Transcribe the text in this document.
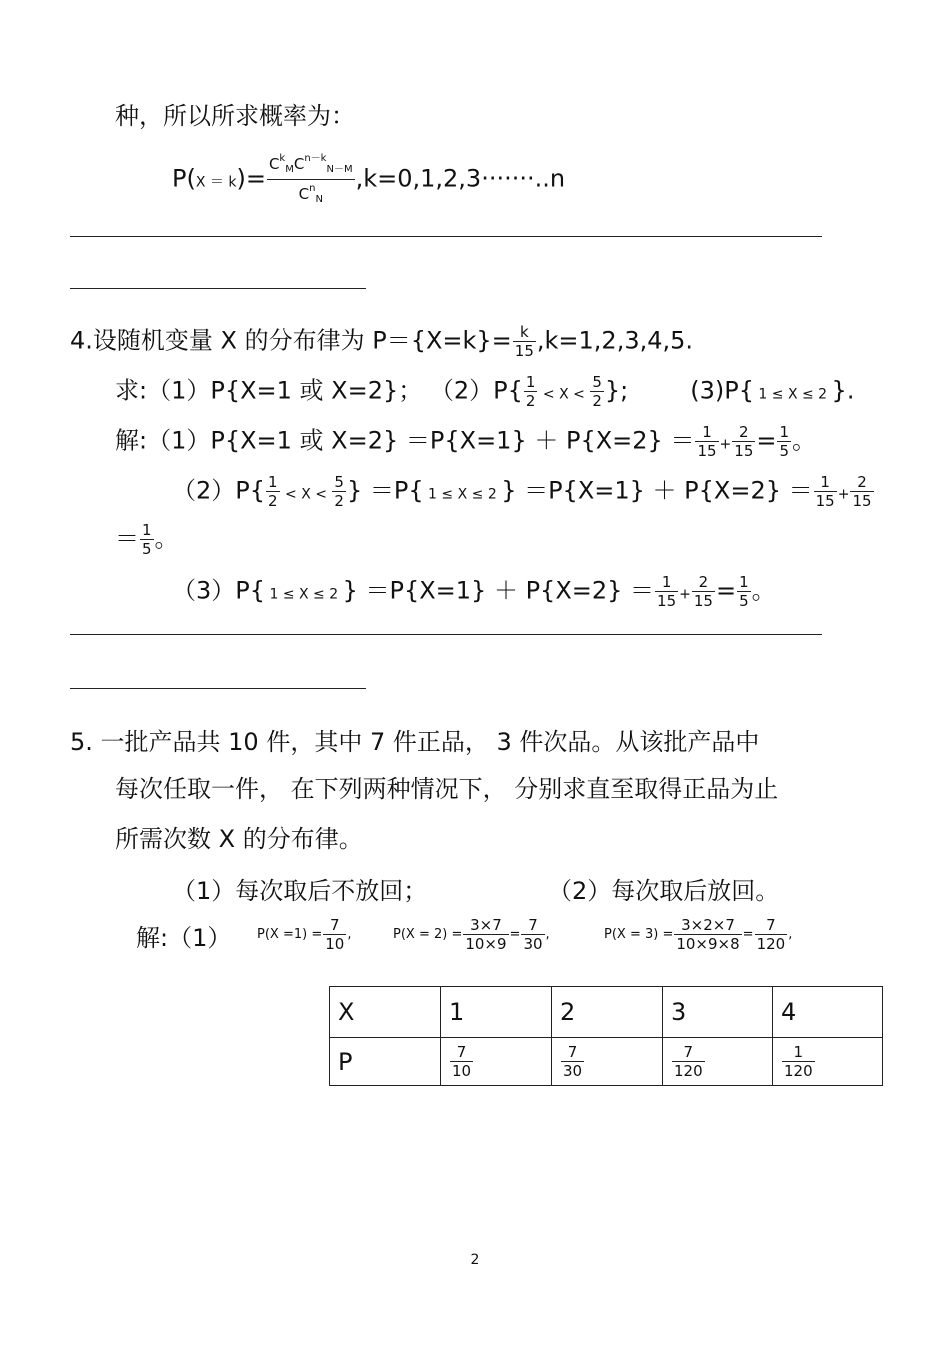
种，所以所求概率为：
$P(X = k)= \frac{C^k_MC^{n-k}_{N-M}}{C^n_N} ,k=0,1,2,3\cdot\cdot\cdot\cdot\cdot\cdot\cdot..n$
4.设随机变量 X 的分布律为 $P=\{X=k\}= \frac{k}{15} ,k=1,2,3,4,5$.
求:（1）P{X=1 或 X=2}； $(2)P\{ \frac{1}{2} < X < \frac{5}{2}$ };	(3)P{ 1 ≤ X ≤ 2 }.
解:（1）P{X=1 或 $X=2\} =P\{X=1\} + P\{X=2\} = \frac{1}{15} + \frac{2}{15} = \frac{1}{5}$ 。
$(2)P\{ \frac{1}{2} < X < \frac{5}{2}$ } ＝P{ 1 ≤ X ≤ 2 } $=P\{X=1\} + P\{X=2\} = \frac{1}{15} + \frac{2}{15}$
＝ $\frac{1}{5}$ 。
（3）P{ 1 ≤ X ≤ 2 } $=P\{X=1\} + P\{X=2\} = \frac{1}{15} + \frac{2}{15} = \frac{1}{5}$ 。
5. 一批产品共 10 件，其中 7 件正品， 3 件次品。从该批产品中
每次任取一件， 在下列两种情况下， 分别求直至取得正品为止
所需次数 X 的分布律。
（1）每次取后不放回；	（2）每次取后放回。
解:（1） $P(X =1) = \frac{7}{10}$ ,	$P(X = 2) = \frac{3\times 7}{10\times 9} = \frac{7}{30}$ ,	$P(X = 3) = \frac{3\times 2\times 7}{10\times 9\times 8} = \frac{7}{120}$ ,
X	1	2	3	4
P	$\frac{7}{10}$	$\frac{7}{30}$	$\frac{7}{120}$	$\frac{1}{120}$
2
